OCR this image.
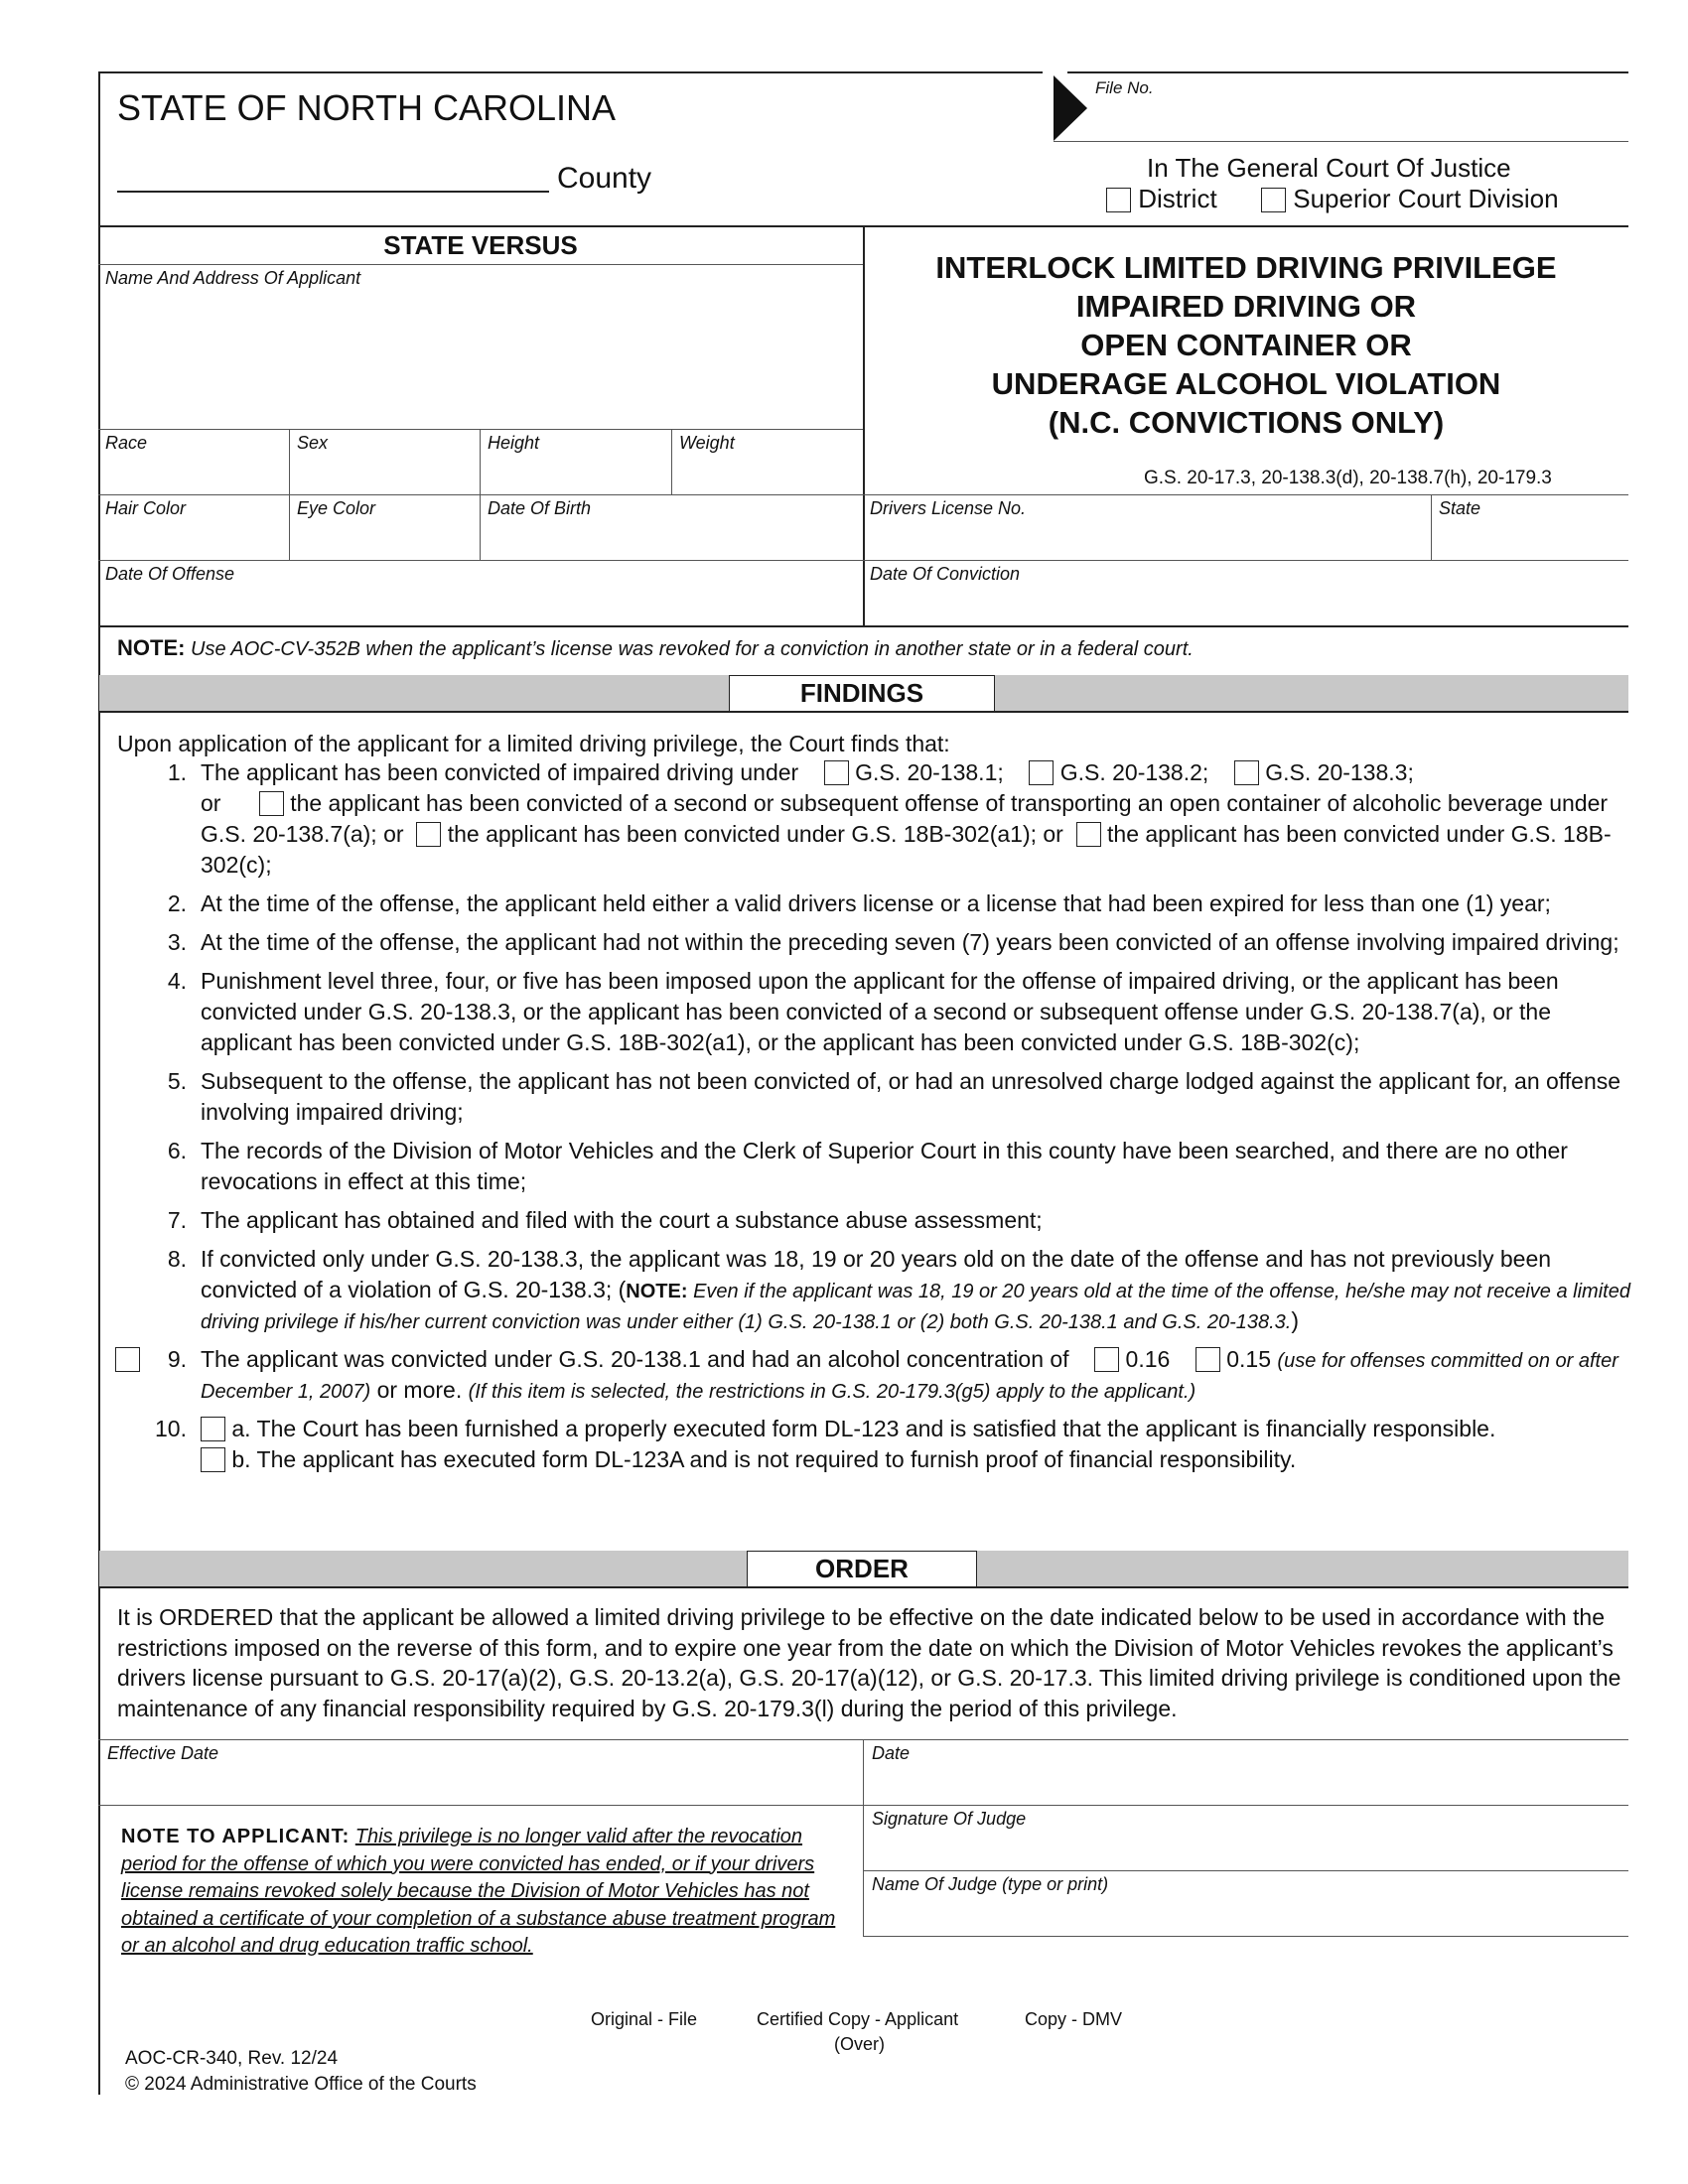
STATE OF NORTH CAROLINA
County
File No.
In The General Court Of Justice
District	Superior Court Division
STATE VERSUS
Name And Address Of Applicant
Race	Sex	Height	Weight
INTERLOCK LIMITED DRIVING PRIVILEGE
IMPAIRED DRIVING OR
OPEN CONTAINER OR
UNDERAGE ALCOHOL VIOLATION
(N.C. CONVICTIONS ONLY)
G.S. 20-17.3, 20-138.3(d), 20-138.7(h), 20-179.3
Hair Color	Eye Color	Date Of Birth	Drivers License No.	State
Date Of Offense	Date Of Conviction
NOTE: Use AOC-CV-352B when the applicant’s license was revoked for a conviction in another state or in a federal court.
FINDINGS
Upon application of the applicant for a limited driving privilege, the Court finds that:
1. The applicant has been convicted of impaired driving under G.S. 20-138.1; G.S. 20-138.2; G.S. 20-138.3;
or	the applicant has been convicted of a second or subsequent offense of transporting an open container of alcoholic beverage under G.S. 20-138.7(a); or the applicant has been convicted under G.S. 18B-302(a1); or the applicant has been convicted under G.S. 18B-302(c);
2. At the time of the offense, the applicant held either a valid drivers license or a license that had been expired for less than one (1) year;
3. At the time of the offense, the applicant had not within the preceding seven (7) years been convicted of an offense involving impaired driving;
4. Punishment level three, four, or five has been imposed upon the applicant for the offense of impaired driving, or the applicant has been convicted under G.S. 20-138.3, or the applicant has been convicted of a second or subsequent offense under G.S. 20-138.7(a), or the applicant has been convicted under G.S. 18B-302(a1), or the applicant has been convicted under G.S. 18B-302(c);
5. Subsequent to the offense, the applicant has not been convicted of, or had an unresolved charge lodged against the applicant for, an offense involving impaired driving;
6. The records of the Division of Motor Vehicles and the Clerk of Superior Court in this county have been searched, and there are no other revocations in effect at this time;
7. The applicant has obtained and filed with the court a substance abuse assessment;
8. If convicted only under G.S. 20-138.3, the applicant was 18, 19 or 20 years old on the date of the offense and has not previously been convicted of a violation of G.S. 20-138.3; (NOTE: Even if the applicant was 18, 19 or 20 years old at the time of the offense, he/she may not receive a limited driving privilege if his/her current conviction was under either (1) G.S. 20-138.1 or (2) both G.S. 20-138.1 and G.S. 20-138.3.)
9. The applicant was convicted under G.S. 20-138.1 and had an alcohol concentration of 0.16 0.15 (use for offenses committed on or after December 1, 2007) or more. (If this item is selected, the restrictions in G.S. 20-179.3(g5) apply to the applicant.)
10. a. The Court has been furnished a properly executed form DL-123 and is satisfied that the applicant is financially responsible.
b. The applicant has executed form DL-123A and is not required to furnish proof of financial responsibility.
ORDER
It is ORDERED that the applicant be allowed a limited driving privilege to be effective on the date indicated below to be used in accordance with the restrictions imposed on the reverse of this form, and to expire one year from the date on which the Division of Motor Vehicles revokes the applicant’s drivers license pursuant to G.S. 20-17(a)(2), G.S. 20-13.2(a), G.S. 20-17(a)(12), or G.S. 20-17.3. This limited driving privilege is conditioned upon the maintenance of any financial responsibility required by G.S. 20-179.3(l) during the period of this privilege.
Effective Date	Date
Signature Of Judge
Name Of Judge (type or print)
NOTE TO APPLICANT: This privilege is no longer valid after the revocation period for the offense of which you were convicted has ended, or if your drivers license remains revoked solely because the Division of Motor Vehicles has not obtained a certificate of your completion of a substance abuse treatment program or an alcohol and drug education traffic school.
Original - File	Certified Copy - Applicant	Copy - DMV
(Over)
AOC-CR-340, Rev. 12/24
© 2024 Administrative Office of the Courts
